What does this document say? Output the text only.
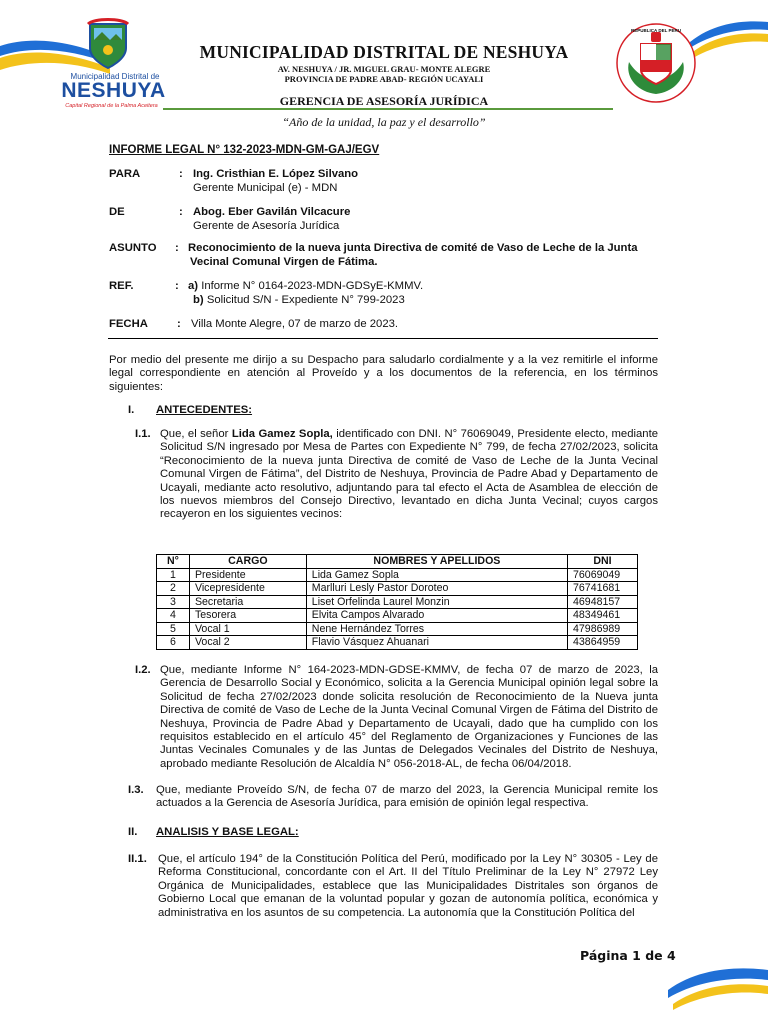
Municipalidad Distrital de
NESHUYA
Capital Regional de la Palma Aceitera
REPUBLICA DEL PERU
MUNICIPALIDAD DISTRITAL DE NESHUYA
AV. NESHUYA / JR. MIGUEL GRAU- MONTE ALEGRE
PROVINCIA DE PADRE ABAD- REGIÓN UCAYALI
GERENCIA DE ASESORÍA JURÍDICA
“Año de la unidad, la paz y el desarrollo”
INFORME LEGAL N° 132-2023-MDN-GM-GAJ/EGV
PARA	: Ing. Cristhian E. López Silvano
Gerente Municipal (e) - MDN
DE	: Abog. Eber Gavilán Vilcacure
Gerente de Asesoría Jurídica
ASUNTO : Reconocimiento de la nueva junta Directiva de comité de Vaso de Leche de la Junta
Vecinal Comunal Virgen de Fátima.
REF.	: a) Informe N° 0164-2023-MDN-GDSyE-KMMV.
b) Solicitud S/N - Expediente N° 799-2023
FECHA	: Villa Monte Alegre, 07 de marzo de 2023.
Por medio del presente me dirijo a su Despacho para saludarlo cordialmente y a la vez remitirle el informe legal correspondiente en atención al Proveído y a los documentos de la referencia, en los términos siguientes:
I. ANTECEDENTES:
I.1. Que, el señor Lida Gamez Sopla, identificado con DNI. N° 76069049, Presidente electo, mediante Solicitud S/N ingresado por Mesa de Partes con Expediente N° 799, de fecha 27/02/2023, solicita “Reconocimiento de la nueva junta Directiva de comité de Vaso de Leche de la Junta Vecinal Comunal Virgen de Fátima”, del Distrito de Neshuya, Provincia de Padre Abad y Departamento de Ucayali, mediante acto resolutivo, adjuntando para tal efecto el Acta de Asamblea de elección de los nuevos miembros del Consejo Directivo, levantado en dicha Junta Vecinal; cuyos cargos recayeron en los siguientes vecinos:
N°	CARGO	NOMBRES Y APELLIDOS	DNI
1	Presidente	Lida Gamez Sopla	76069049
2	Vicepresidente	Marlluri Lesly Pastor Doroteo	76741681
3	Secretaria	Liset Orfelinda Laurel Monzin	46948157
4	Tesorera	Elvita Campos Alvarado	48349461
5	Vocal 1	Nene Hernández Torres	47986989
6	Vocal 2	Flavio Vásquez Ahuanari	43864959
I.2. Que, mediante Informe N° 164-2023-MDN-GDSE-KMMV, de fecha 07 de marzo de 2023, la Gerencia de Desarrollo Social y Económico, solicita a la Gerencia Municipal opinión legal sobre la Solicitud de fecha 27/02/2023 donde solicita resolución de Reconocimiento de la Nueva junta Directiva de comité de Vaso de Leche de la Junta Vecinal Comunal Virgen de Fátima del Distrito de Neshuya, Provincia de Padre Abad y Departamento de Ucayali, dado que ha cumplido con los requisitos establecido en el artículo 45° del Reglamento de Organizaciones y Funciones de las Juntas Vecinales Comunales y de las Juntas de Delegados Vecinales del Distrito de Neshuya, aprobado mediante Resolución de Alcaldía N° 056-2018-AL, de fecha 06/04/2018.
I.3. Que, mediante Proveído S/N, de fecha 07 de marzo del 2023, la Gerencia Municipal remite los actuados a la Gerencia de Asesoría Jurídica, para emisión de opinión legal respectiva.
II. ANALISIS Y BASE LEGAL:
II.1. Que, el artículo 194° de la Constitución Política del Perú, modificado por la Ley N° 30305 - Ley de Reforma Constitucional, concordante con el Art. II del Título Preliminar de la Ley N° 27972 Ley Orgánica de Municipalidades, establece que las Municipalidades Distritales son órganos de Gobierno Local que emanan de la voluntad popular y gozan de autonomía política, económica y administrativa en los asuntos de su competencia. La autonomía que la Constitución Política del
Página 1 de 4
